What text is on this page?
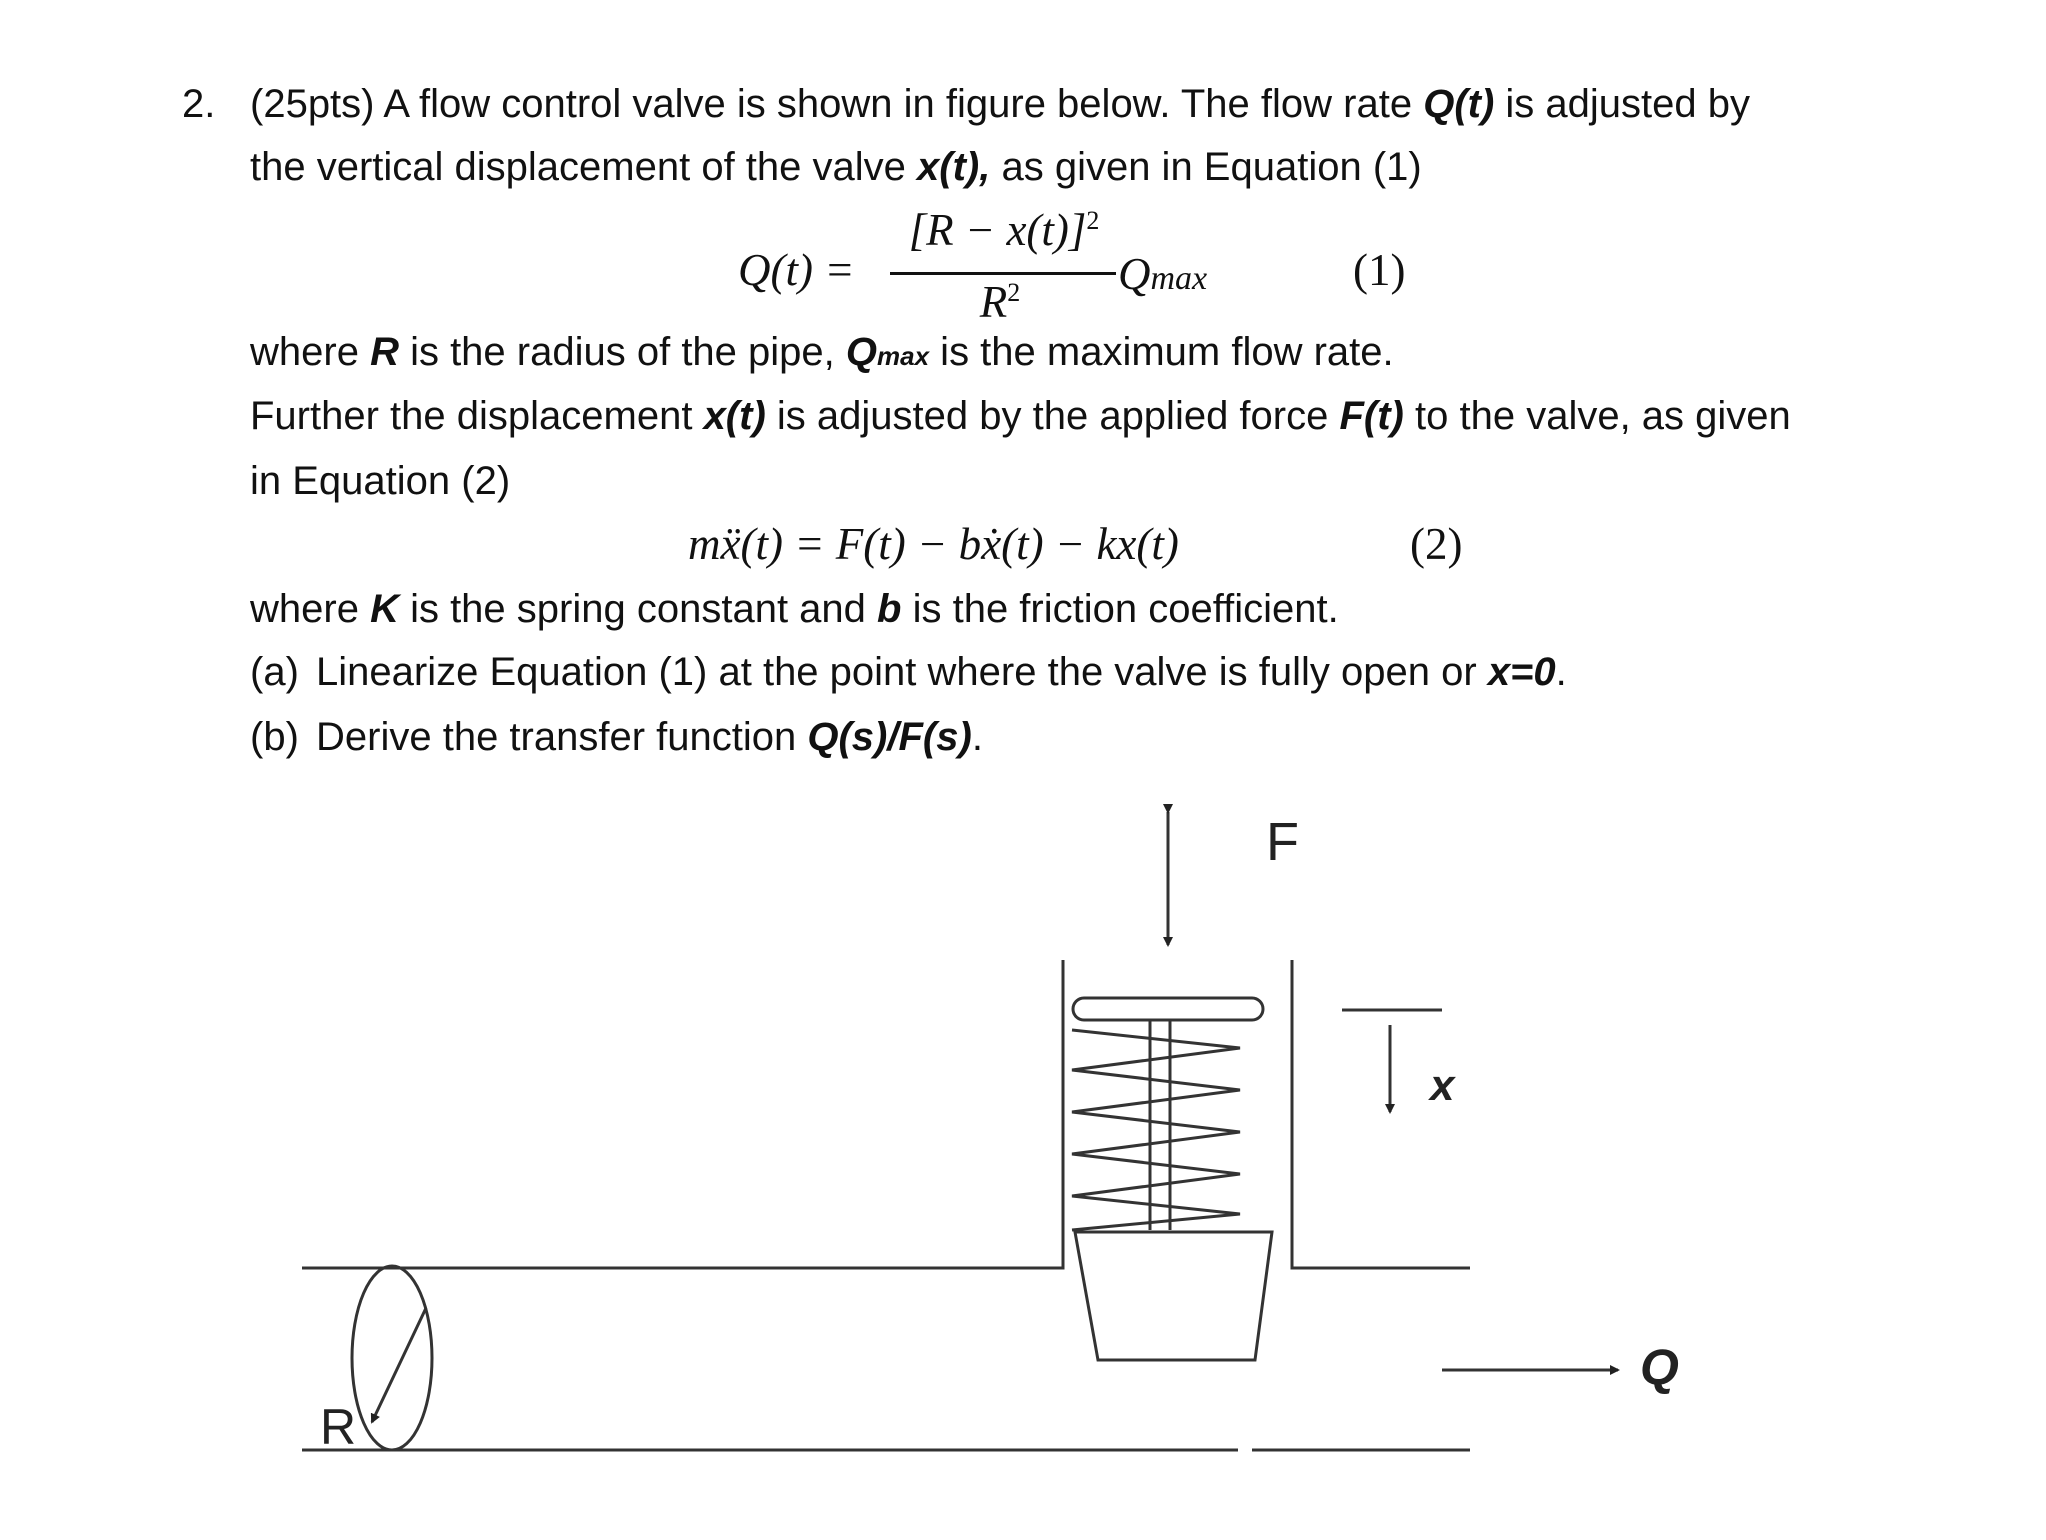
2. (25pts) A flow control valve is shown in figure below. The flow rate Q(t) is adjusted by
the vertical displacement of the valve x(t), as given in Equation (1)
Q(t) =
$[R - x(t)]^2$
$R^2$	Qmax	(1)
where R is the radius of the pipe, Qmax is the maximum flow rate.
Further the displacement x(t) is adjusted by the applied force F(t) to the valve, as given
in Equation (2)
mẍ(t) = F(t) − bẋ(t) − kx(t)	(2)
where K is the spring constant and b is the friction coefficient.
(a) Linearize Equation (1) at the point where the valve is fully open or x=0.
(b) Derive the transfer function Q(s)/F(s).
F
x
Q
R
